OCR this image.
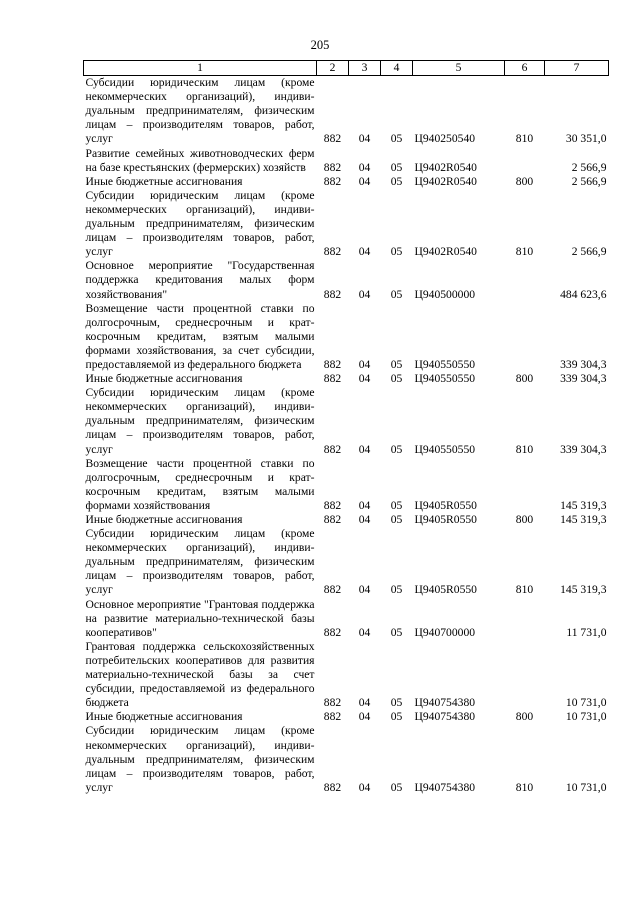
205
1	2	3	4	5	6	7
Субсидии юридическим лицам (кроме некоммерческих организаций), индивидуальным предпринимателям, физическим лицам – производителям товаров, работ, услуг	882	04	05	Ц940250540	810	30 351,0
Развитие семейных животноводческих ферм на базе крестьянских (фермерских) хозяйств	882	04	05	Ц9402R0540		2 566,9
Иные бюджетные ассигнования	882	04	05	Ц9402R0540	800	2 566,9
Субсидии юридическим лицам (кроме некоммерческих организаций), индивидуальным предпринимателям, физическим лицам – производителям товаров, работ, услуг	882	04	05	Ц9402R0540	810	2 566,9
Основное мероприятие "Государственная поддержка кредитования малых форм хозяйствования"	882	04	05	Ц940500000		484 623,6
Возмещение части процентной ставки по долгосрочным, среднесрочным и краткосрочным кредитам, взятым малыми формами хозяйствования, за счет субсидии, предоставляемой из федерального бюджета	882	04	05	Ц940550550		339 304,3
Иные бюджетные ассигнования	882	04	05	Ц940550550	800	339 304,3
Субсидии юридическим лицам (кроме некоммерческих организаций), индивидуальным предпринимателям, физическим лицам – производителям товаров, работ, услуг	882	04	05	Ц940550550	810	339 304,3
Возмещение части процентной ставки по долгосрочным, среднесрочным и краткосрочным кредитам, взятым малыми формами хозяйствования	882	04	05	Ц9405R0550		145 319,3
Иные бюджетные ассигнования	882	04	05	Ц9405R0550	800	145 319,3
Субсидии юридическим лицам (кроме некоммерческих организаций), индивидуальным предпринимателям, физическим лицам – производителям товаров, работ, услуг	882	04	05	Ц9405R0550	810	145 319,3
Основное мероприятие "Грантовая поддержка на развитие материально-технической базы кооперативов"	882	04	05	Ц940700000		11 731,0
Грантовая поддержка сельскохозяйственных потребительских кооперативов для развития материально-технической базы за счет субсидии, предоставляемой из федерального бюджета	882	04	05	Ц940754380		10 731,0
Иные бюджетные ассигнования	882	04	05	Ц940754380	800	10 731,0
Субсидии юридическим лицам (кроме некоммерческих организаций), индивидуальным предпринимателям, физическим лицам – производителям товаров, работ, услуг	882	04	05	Ц940754380	810	10 731,0
